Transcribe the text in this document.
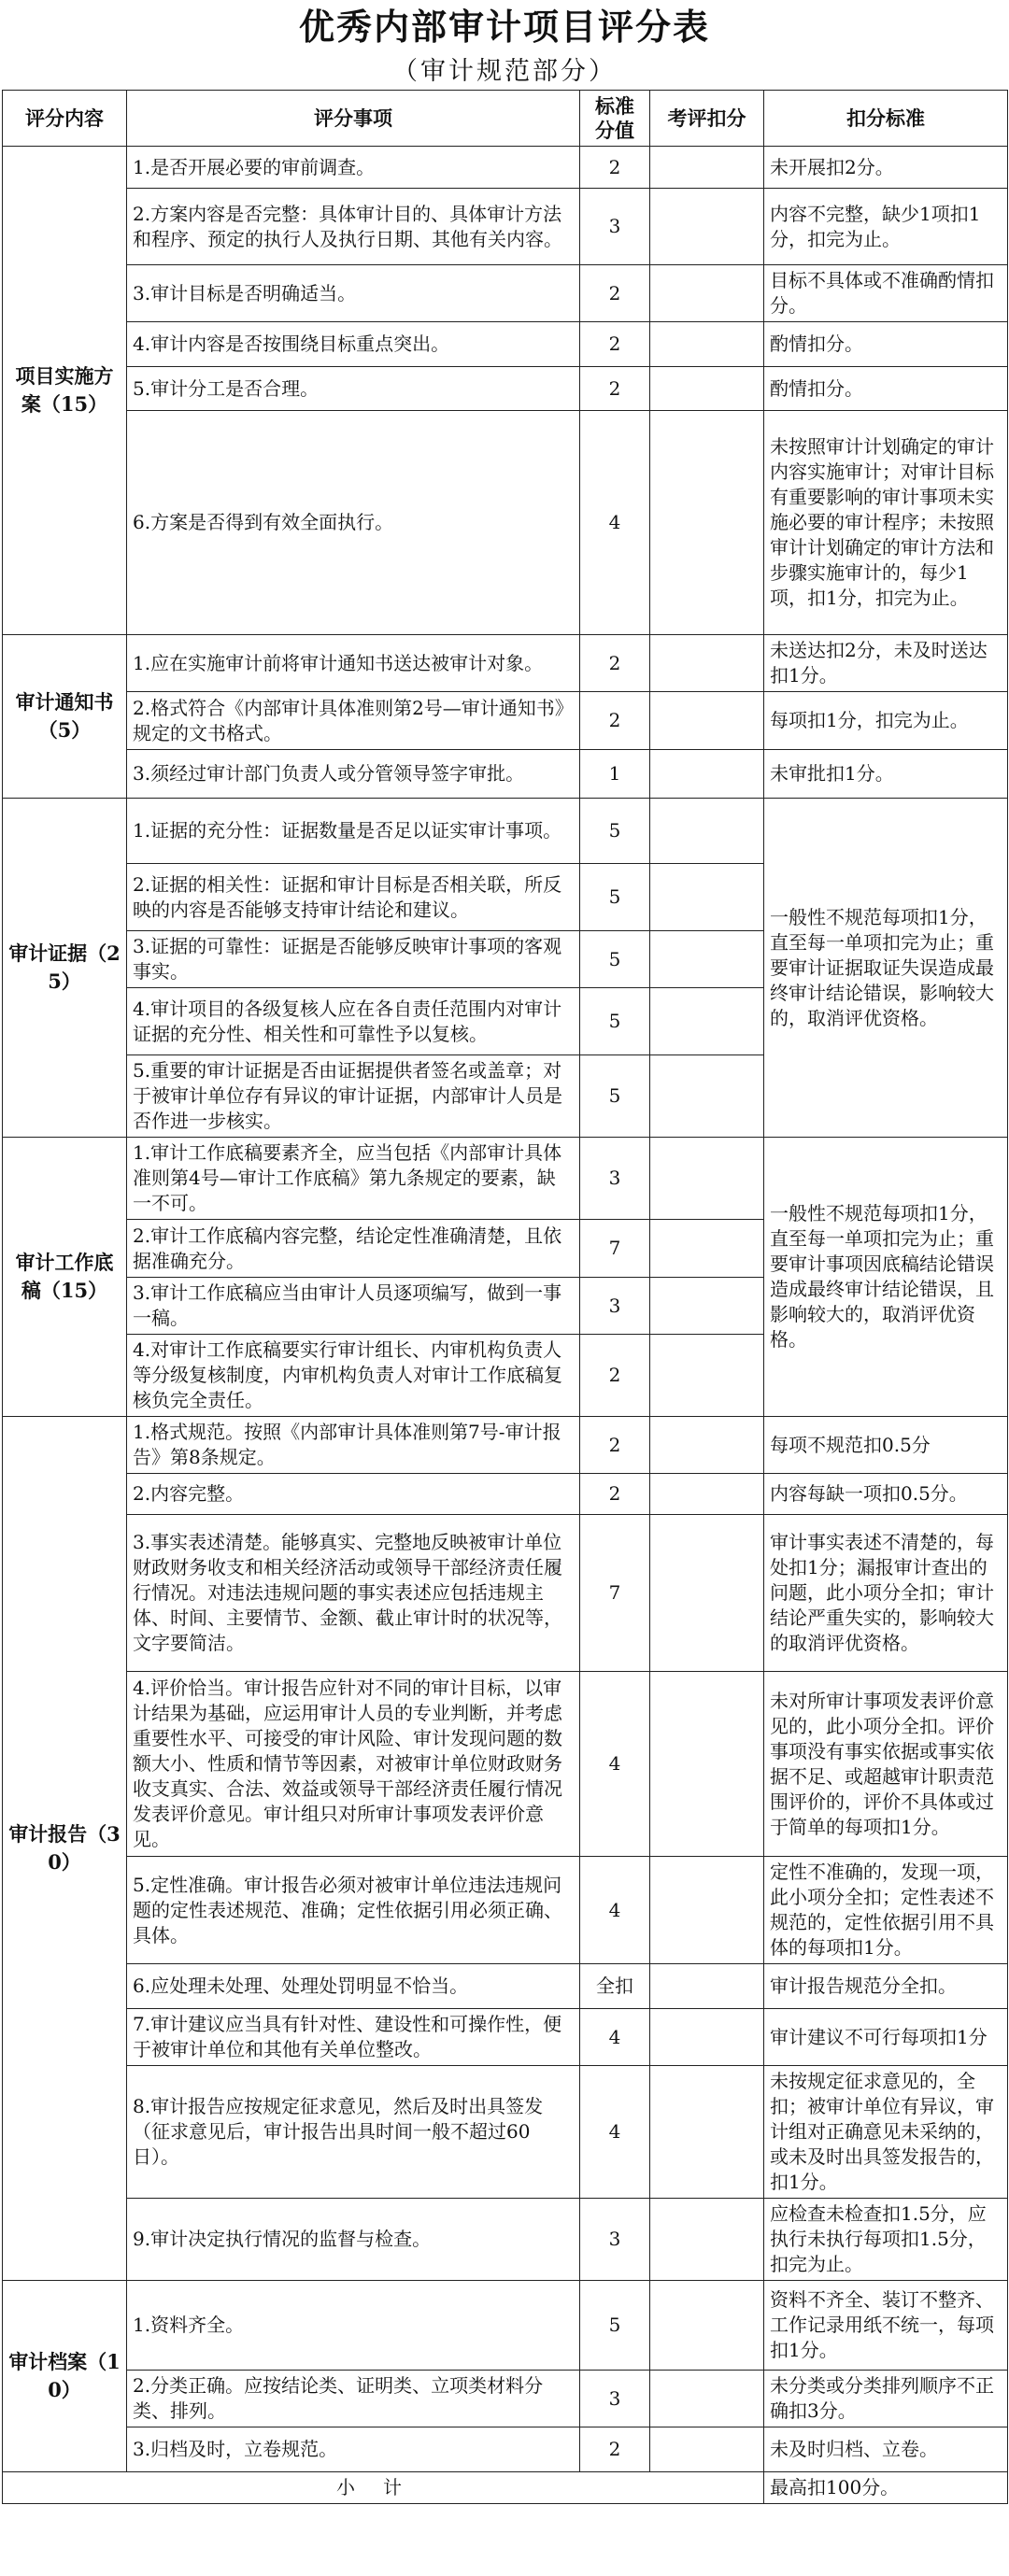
优秀内部审计项目评分表
（审计规范部分）
评分内容	评分事项	标准分值	考评扣分	扣分标准
项目实施方案（15）	1.是否开展必要的审前调查。	2		未开展扣2分。
	2.方案内容是否完整：具体审计目的、具体审计方法和程序、预定的执行人及执行日期、其他有关内容。	3		内容不完整，缺少1项扣1分，扣完为止。
	3.审计目标是否明确适当。	2		目标不具体或不准确酌情扣分。
	4.审计内容是否按围绕目标重点突出。	2		酌情扣分。
	5.审计分工是否合理。	2		酌情扣分。
	6.方案是否得到有效全面执行。	4		未按照审计计划确定的审计内容实施审计；对审计目标有重要影响的审计事项未实施必要的审计程序；未按照审计计划确定的审计方法和步骤实施审计的，每少1项，扣1分，扣完为止。
审计通知书（5）	1.应在实施审计前将审计通知书送达被审计对象。	2		未送达扣2分，未及时送达扣1分。
	2.格式符合《内部审计具体准则第2号—审计通知书》规定的文书格式。	2		每项扣1分，扣完为止。
	3.须经过审计部门负责人或分管领导签字审批。	1		未审批扣1分。
审计证据（25）	1.证据的充分性：证据数量是否足以证实审计事项。	5		一般性不规范每项扣1分，直至每一单项扣完为止；重要审计证据取证失误造成最终审计结论错误，影响较大的，取消评优资格。
	2.证据的相关性：证据和审计目标是否相关联，所反映的内容是否能够支持审计结论和建议。	5		
	3.证据的可靠性：证据是否能够反映审计事项的客观事实。	5		
	4.审计项目的各级复核人应在各自责任范围内对审计证据的充分性、相关性和可靠性予以复核。	5		
	5.重要的审计证据是否由证据提供者签名或盖章；对于被审计单位存有异议的审计证据，内部审计人员是否作进一步核实。	5		
审计工作底稿（15）	1.审计工作底稿要素齐全，应当包括《内部审计具体准则第4号—审计工作底稿》第九条规定的要素，缺一不可。	3		一般性不规范每项扣1分，直至每一单项扣完为止；重要审计事项因底稿结论错误造成最终审计结论错误，且影响较大的，取消评优资格。
	2.审计工作底稿内容完整，结论定性准确清楚，且依据准确充分。	7		
	3.审计工作底稿应当由审计人员逐项编写，做到一事一稿。	3		
	4.对审计工作底稿要实行审计组长、内审机构负责人等分级复核制度，内审机构负责人对审计工作底稿复核负完全责任。	2		
审计报告（30）	1.格式规范。按照《内部审计具体准则第7号-审计报告》第8条规定。	2		每项不规范扣0.5分
	2.内容完整。	2		内容每缺一项扣0.5分。
	3.事实表述清楚。能够真实、完整地反映被审计单位财政财务收支和相关经济活动或领导干部经济责任履行情况。对违法违规问题的事实表述应包括违规主体、时间、主要情节、金额、截止审计时的状况等，文字要简洁。	7		审计事实表述不清楚的，每处扣1分；漏报审计查出的问题，此小项分全扣；审计结论严重失实的，影响较大的取消评优资格。
	4.评价恰当。审计报告应针对不同的审计目标，以审计结果为基础，应运用审计人员的专业判断，并考虑重要性水平、可接受的审计风险、审计发现问题的数额大小、性质和情节等因素，对被审计单位财政财务收支真实、合法、效益或领导干部经济责任履行情况发表评价意见。审计组只对所审计事项发表评价意见。	4		未对所审计事项发表评价意见的，此小项分全扣。评价事项没有事实依据或事实依据不足、或超越审计职责范围评价的，评价不具体或过于简单的每项扣1分。
	5.定性准确。审计报告必须对被审计单位违法违规问题的定性表述规范、准确；定性依据引用必须正确、具体。	4		定性不准确的，发现一项，此小项分全扣；定性表述不规范的，定性依据引用不具体的每项扣1分。
	6.应处理未处理、处理处罚明显不恰当。	全扣		审计报告规范分全扣。
	7.审计建议应当具有针对性、建设性和可操作性，便于被审计单位和其他有关单位整改。	4		审计建议不可行每项扣1分
	8.审计报告应按规定征求意见，然后及时出具签发（征求意见后，审计报告出具时间一般不超过60日）。	4		未按规定征求意见的，全扣；被审计单位有异议，审计组对正确意见未采纳的，或未及时出具签发报告的，扣1分。
	9.审计决定执行情况的监督与检查。	3		应检查未检查扣1.5分，应执行未执行每项扣1.5分，扣完为止。
审计档案（10）	1.资料齐全。	5		资料不齐全、装订不整齐、工作记录用纸不统一，每项扣1分。
	2.分类正确。应按结论类、证明类、立项类材料分类、排列。	3		未分类或分类排列顺序不正确扣3分。
	3.归档及时，立卷规范。	2		未及时归档、立卷。
小计				最高扣100分。
